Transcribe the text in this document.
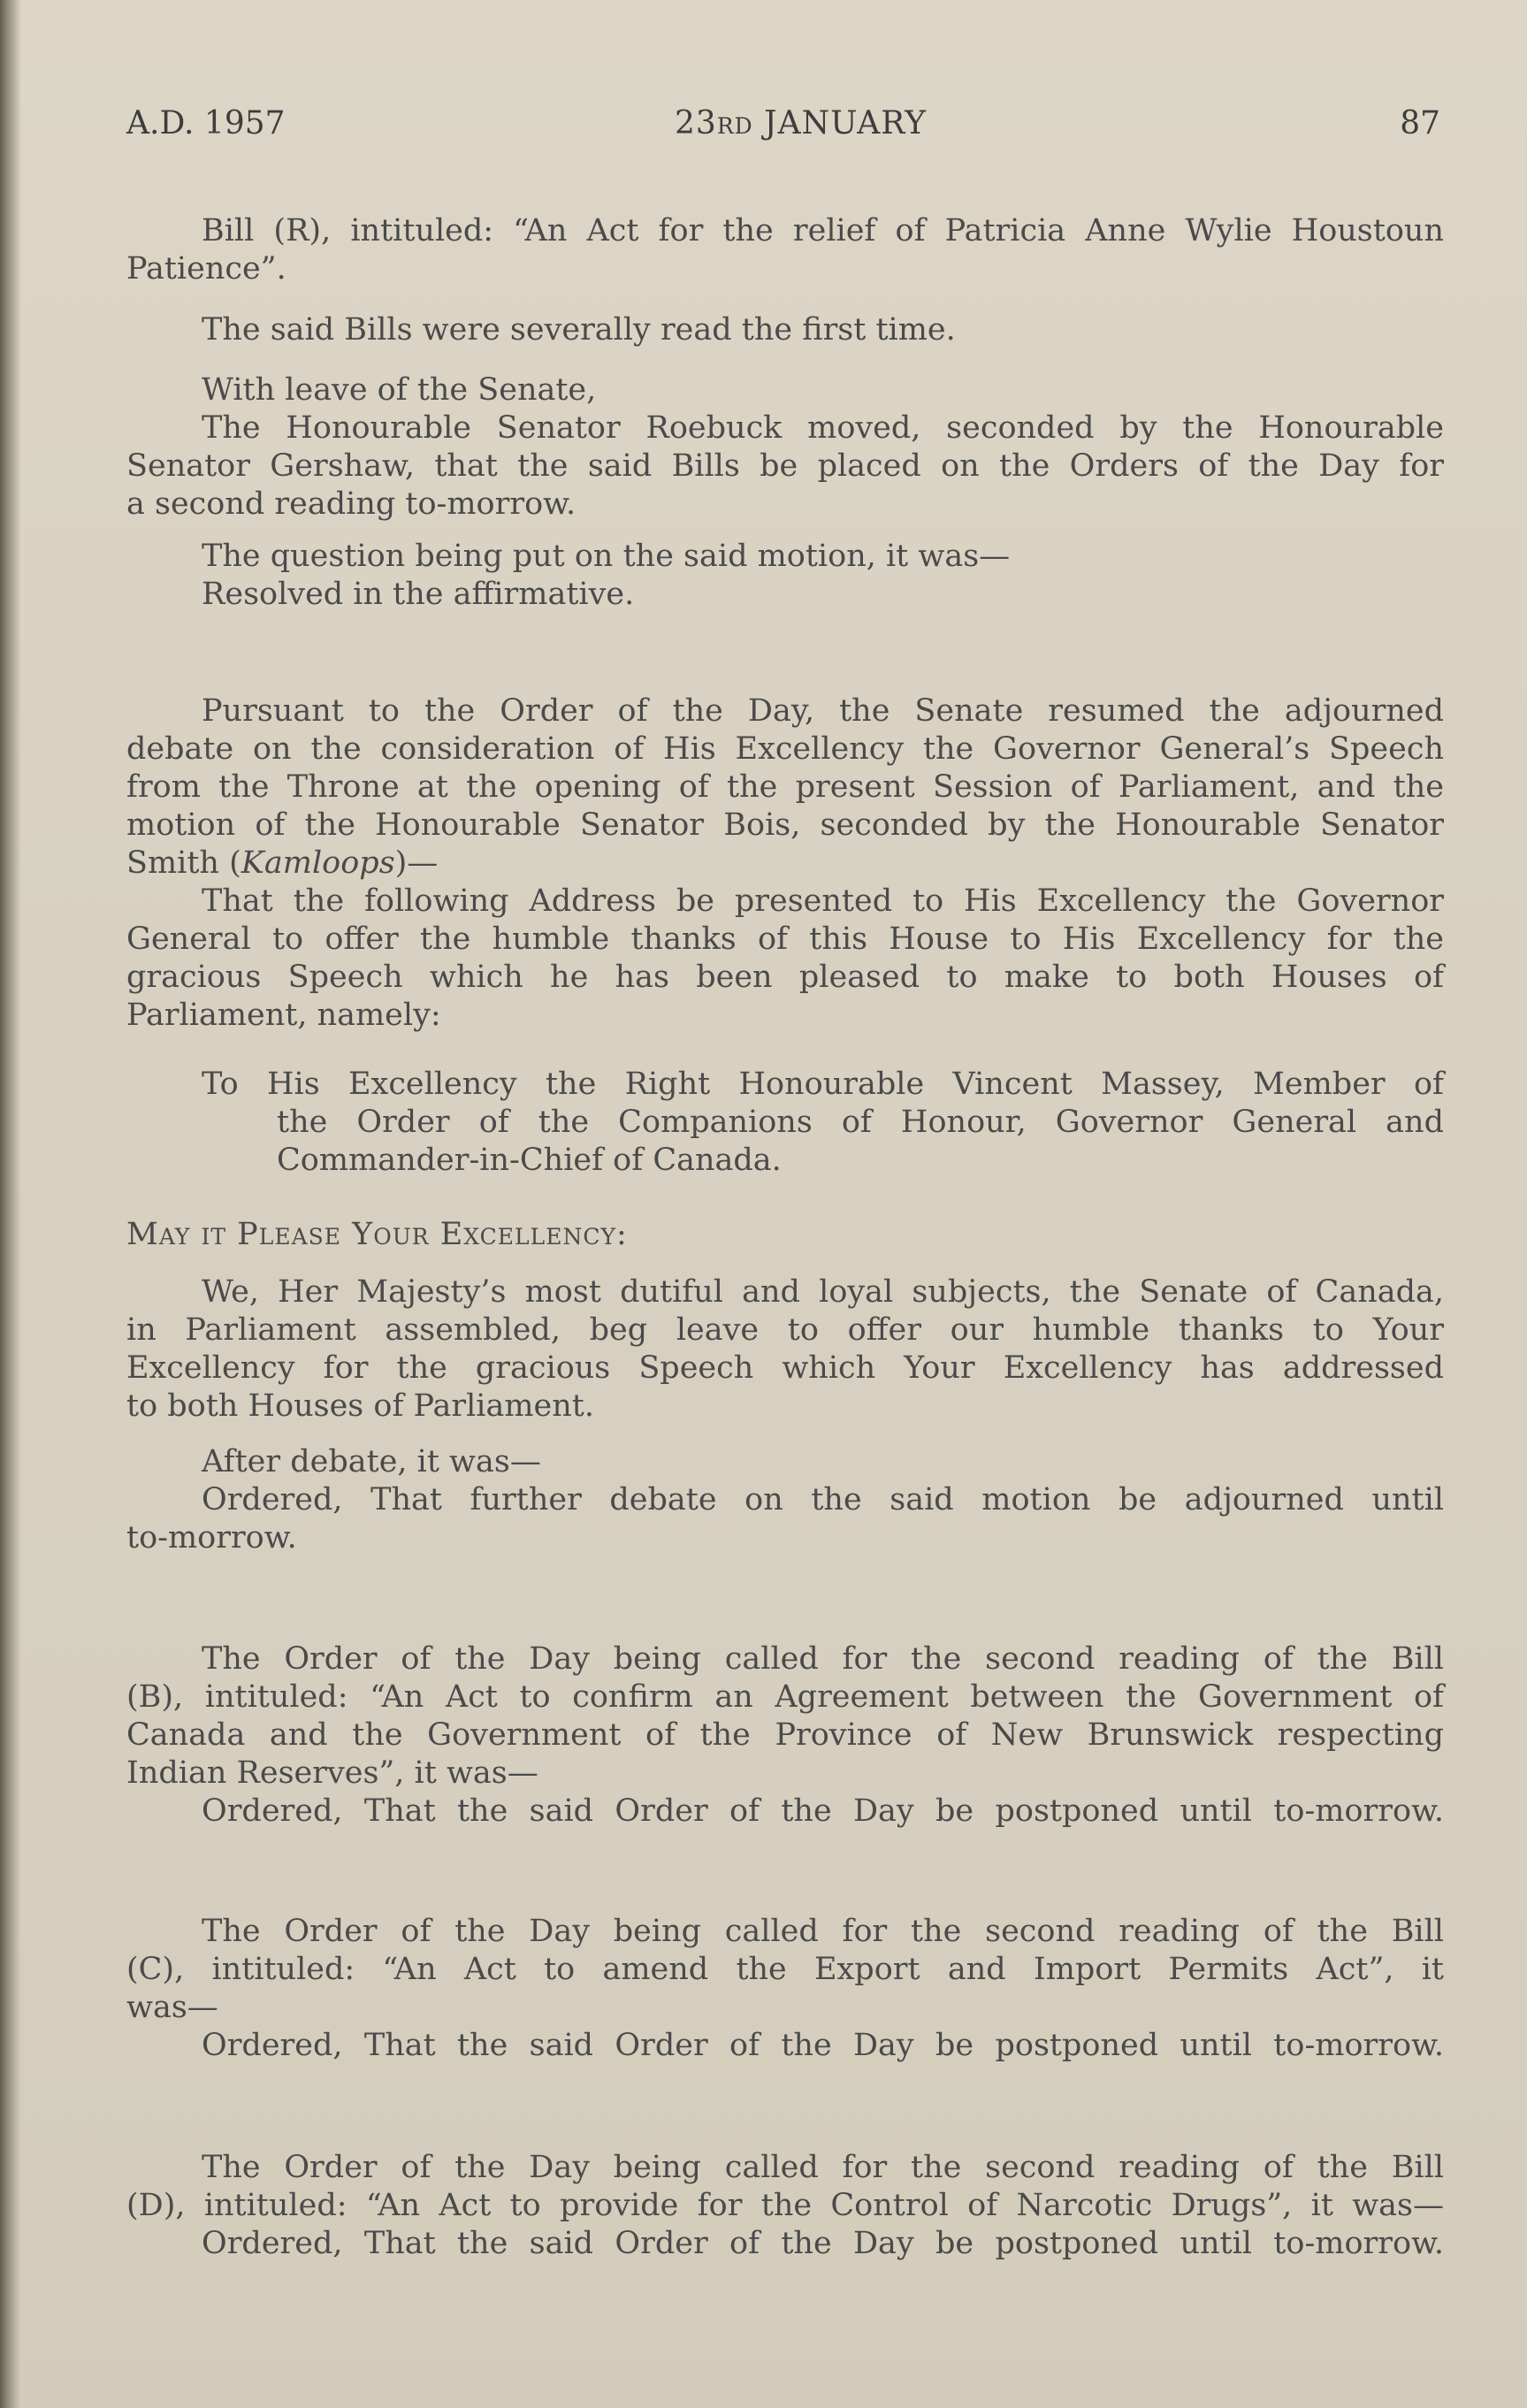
A.D. 1957	23RD JANUARY	87
Bill (R), intituled: “An Act for the relief of Patricia Anne Wylie Houstoun
Patience”.
The said Bills were severally read the first time.
With leave of the Senate,
The Honourable Senator Roebuck moved, seconded by the Honourable
Senator Gershaw, that the said Bills be placed on the Orders of the Day for
a second reading to-morrow.
The question being put on the said motion, it was—
Resolved in the affirmative.
Pursuant to the Order of the Day, the Senate resumed the adjourned
debate on the consideration of His Excellency the Governor General’s Speech
from the Throne at the opening of the present Session of Parliament, and the
motion of the Honourable Senator Bois, seconded by the Honourable Senator
Smith (Kamloops)—
That the following Address be presented to His Excellency the Governor
General to offer the humble thanks of this House to His Excellency for the
gracious Speech which he has been pleased to make to both Houses of
Parliament, namely:
To His Excellency the Right Honourable Vincent Massey, Member of
the Order of the Companions of Honour, Governor General and
Commander-in-Chief of Canada.
May it Please Your Excellency:
We, Her Majesty’s most dutiful and loyal subjects, the Senate of Canada,
in Parliament assembled, beg leave to offer our humble thanks to Your
Excellency for the gracious Speech which Your Excellency has addressed
to both Houses of Parliament.
After debate, it was—
Ordered, That further debate on the said motion be adjourned until
to-morrow.
The Order of the Day being called for the second reading of the Bill
(B), intituled: “An Act to confirm an Agreement between the Government of
Canada and the Government of the Province of New Brunswick respecting
Indian Reserves”, it was—
Ordered, That the said Order of the Day be postponed until to-morrow.
The Order of the Day being called for the second reading of the Bill
(C), intituled: “An Act to amend the Export and Import Permits Act”, it
was—
Ordered, That the said Order of the Day be postponed until to-morrow.
The Order of the Day being called for the second reading of the Bill
(D), intituled: “An Act to provide for the Control of Narcotic Drugs”, it was—
Ordered, That the said Order of the Day be postponed until to-morrow.
